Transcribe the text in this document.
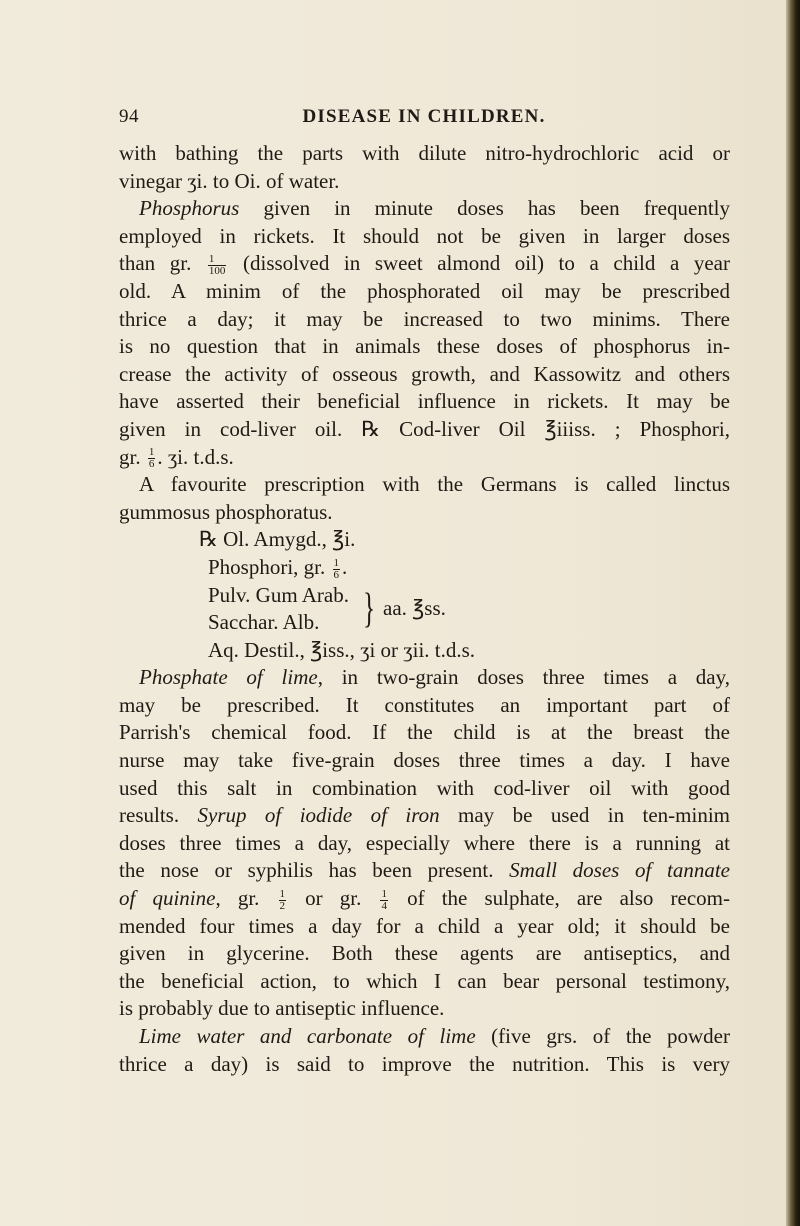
94	DISEASE IN CHILDREN.
with bathing the parts with dilute nitro-hydrochloric acid or
vinegar ʒi. to Oi. of water.
Phosphorus given in minute doses has been frequently
employed in rickets. It should not be given in larger doses
than gr. $\frac{1}{100}$ (dissolved in sweet almond oil) to a child a year
old. A minim of the phosphorated oil may be prescribed
thrice a day; it may be increased to two minims. There
is no question that in animals these doses of phosphorus in-
crease the activity of osseous growth, and Kassowitz and others
have asserted their beneficial influence in rickets. It may be
given in cod-liver oil. ℞ Cod-liver Oil ℥iiiss. ; Phosphori,
gr. $\frac{1}{6}$ . ʒi. t.d.s.
A favourite prescription with the Germans is called linctus
gummosus phosphoratus.
℞ Ol. Amygd., ℥i.
Phosphori, gr. $\frac{1}{6}$ .
Pulv. Gum Arab.
Sacchar. Alb.	} aa. ℥ss.
Aq. Destil., ℥iss., ʒi or ʒii. t.d.s.
Phosphate of lime, in two-grain doses three times a day,
may be prescribed. It constitutes an important part of
Parrish's chemical food. If the child is at the breast the
nurse may take five-grain doses three times a day. I have
used this salt in combination with cod-liver oil with good
results. Syrup of iodide of iron may be used in ten-minim
doses three times a day, especially where there is a running at
the nose or syphilis has been present. Small doses of tannate
of quinine, gr. $\frac{1}{2}$ or gr. $\frac{1}{4}$ of the sulphate, are also recom-
mended four times a day for a child a year old; it should be
given in glycerine. Both these agents are antiseptics, and
the beneficial action, to which I can bear personal testimony,
is probably due to antiseptic influence.
Lime water and carbonate of lime (five grs. of the powder
thrice a day) is said to improve the nutrition. This is very
